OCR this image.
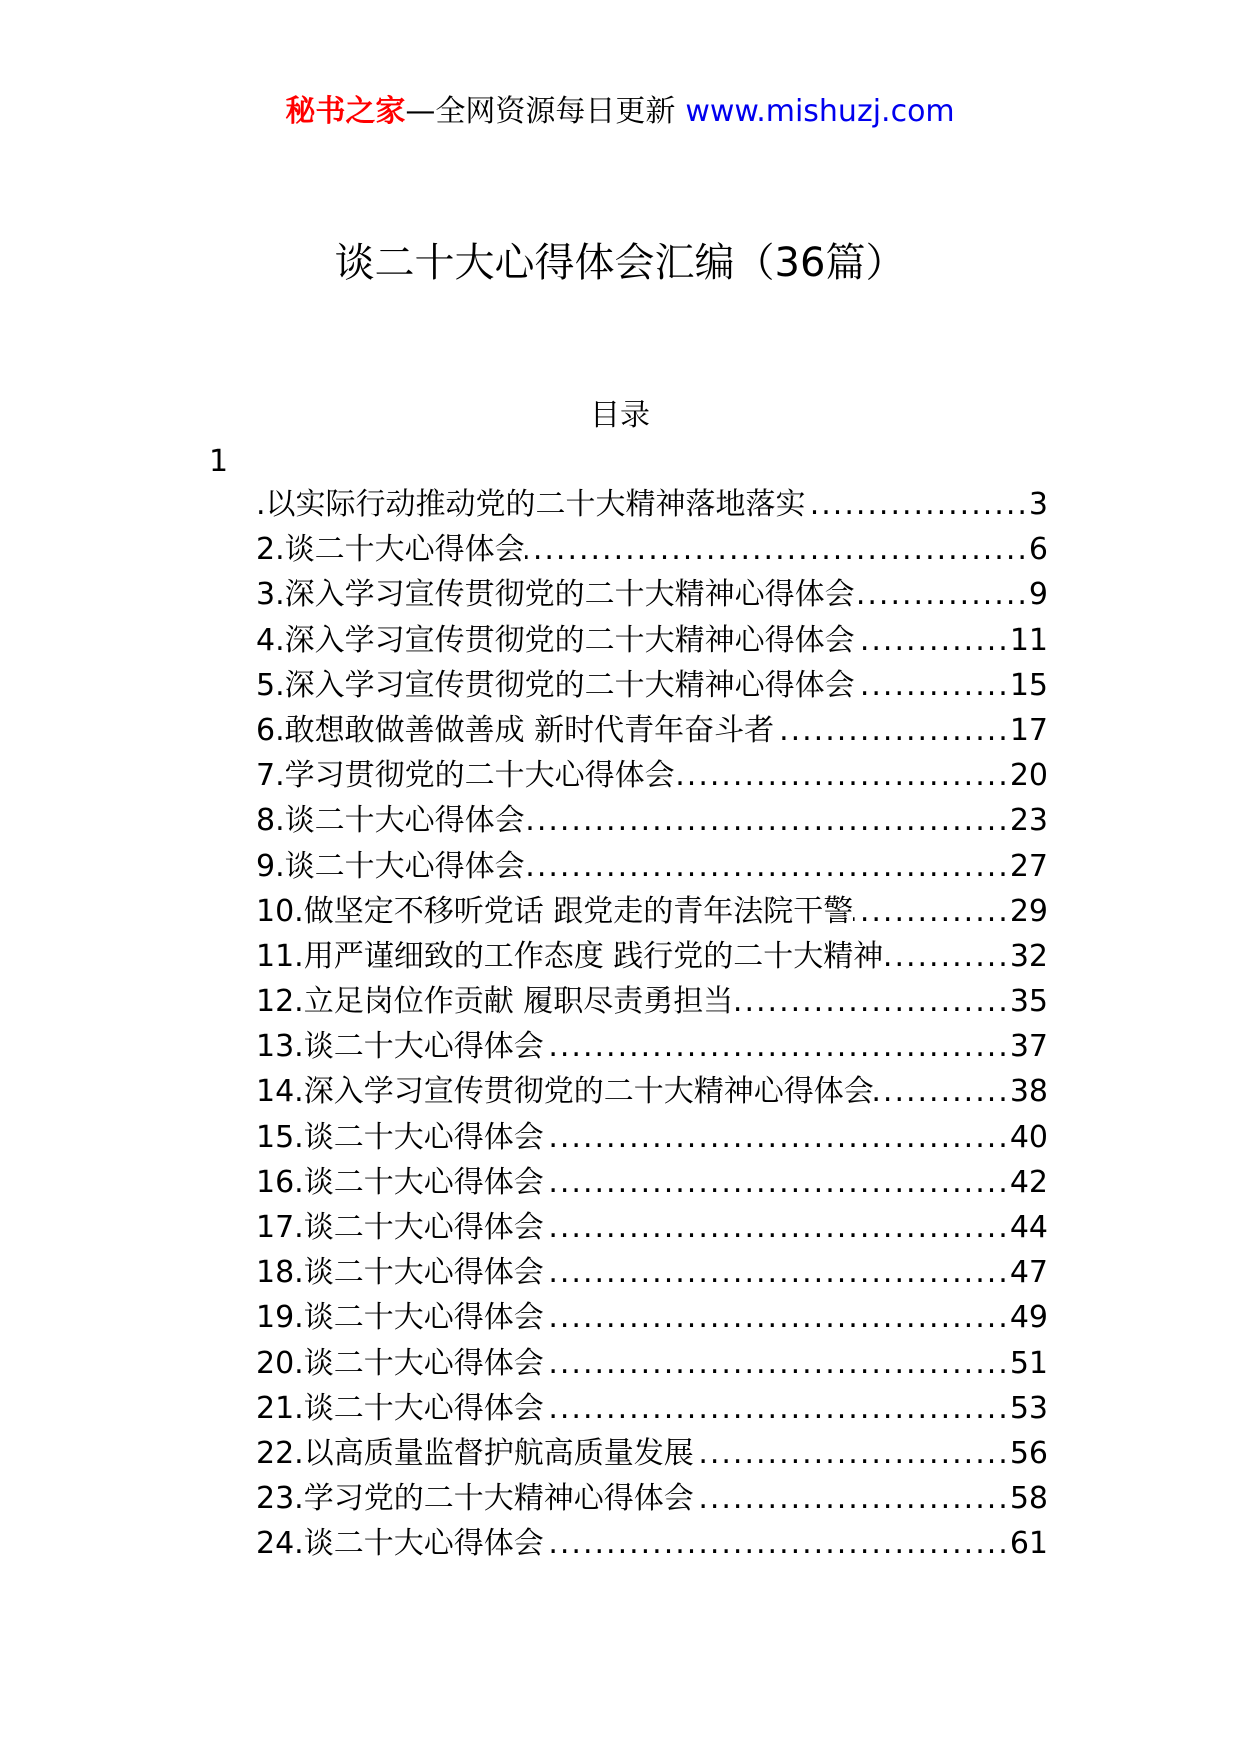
秘书之家—全网资源每日更新 www.mishuzj.com
谈二十大心得体会汇编（36篇）
目录
1
.以实际行动推动党的二十大精神落地落实 .....	3
2.谈二十大心得体会 .....	6
3.深入学习宣传贯彻党的二十大精神心得体会 .....	9
4.深入学习宣传贯彻党的二十大精神心得体会 .....	11
5.深入学习宣传贯彻党的二十大精神心得体会 .....	15
6.敢想敢做善做善成 新时代青年奋斗者 .....	17
7.学习贯彻党的二十大心得体会 .....	20
8.谈二十大心得体会 .....	23
9.谈二十大心得体会 .....	27
10.做坚定不移听党话 跟党走的青年法院干警 .....	29
11.用严谨细致的工作态度 践行党的二十大精神 .....	32
12.立足岗位作贡献 履职尽责勇担当 .....	35
13.谈二十大心得体会 .....	37
14.深入学习宣传贯彻党的二十大精神心得体会 .....	38
15.谈二十大心得体会 .....	40
16.谈二十大心得体会 .....	42
17.谈二十大心得体会 .....	44
18.谈二十大心得体会 .....	47
19.谈二十大心得体会 .....	49
20.谈二十大心得体会 .....	51
21.谈二十大心得体会 .....	53
22.以高质量监督护航高质量发展 .....	56
23.学习党的二十大精神心得体会 .....	58
24.谈二十大心得体会 .....	61
